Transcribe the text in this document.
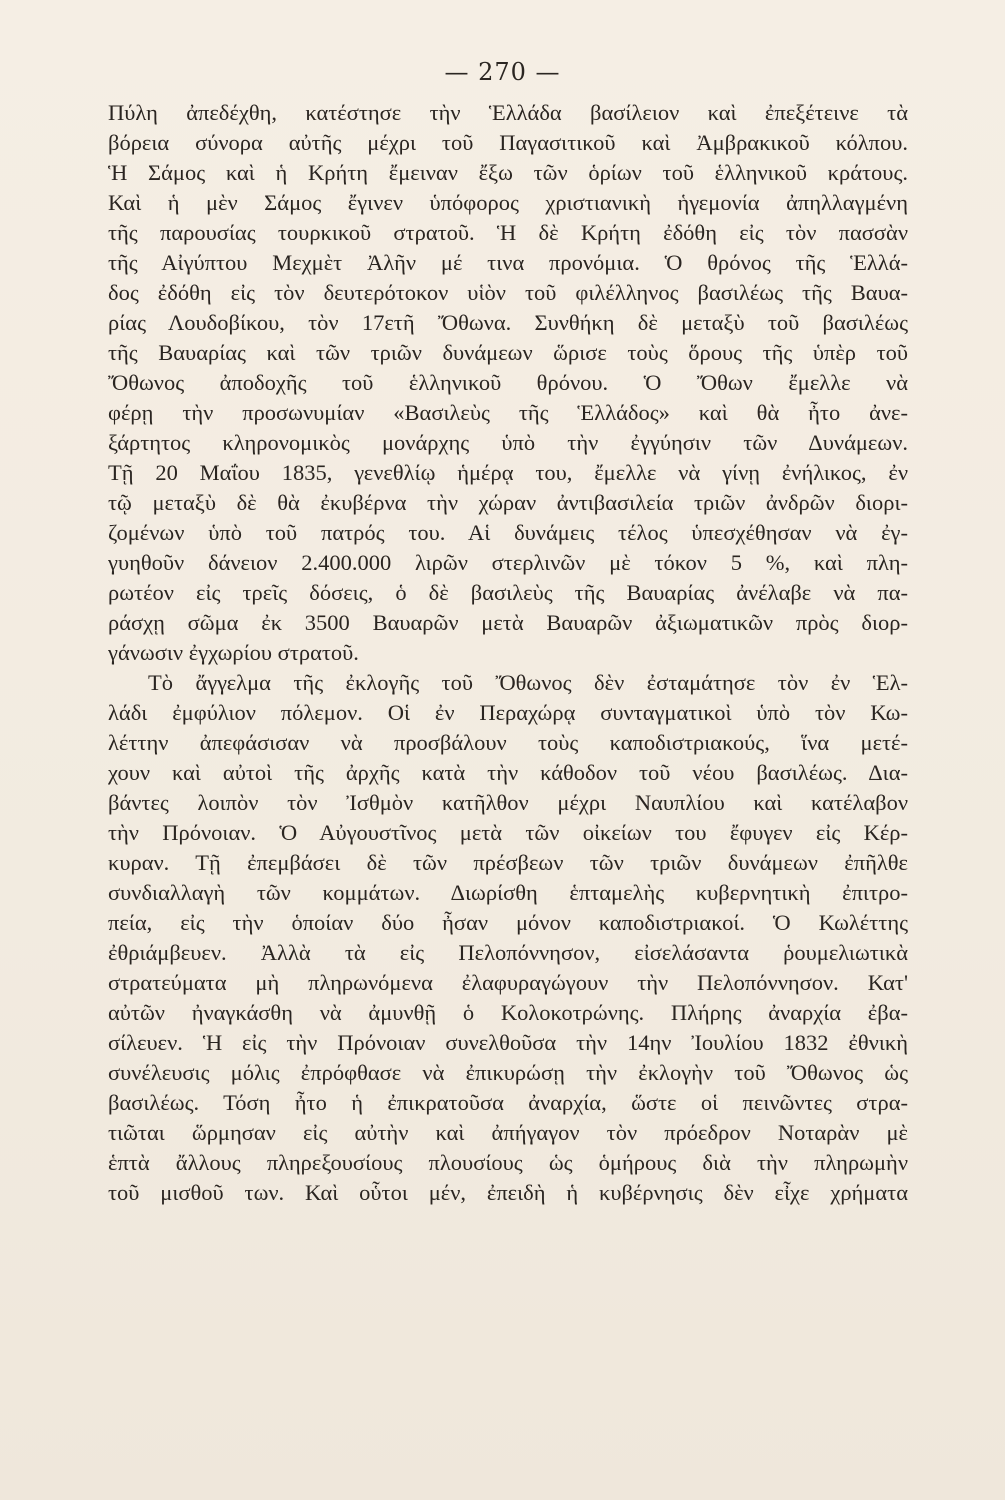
— 270 —
Πύλη ἀπεδέχθη, κατέστησε τὴν Ἑλλάδα βασίλειον καὶ ἐπεξέτεινε τὰ
βόρεια σύνορα αὐτῆς μέχρι τοῦ Παγασιτικοῦ καὶ Ἀμβρακικοῦ κόλπου.
Ἡ Σάμος καὶ ἡ Κρήτη ἔμειναν ἔξω τῶν ὁρίων τοῦ ἑλληνικοῦ κράτους.
Καὶ ἡ μὲν Σάμος ἔγινεν ὑπόφορος χριστιανικὴ ἡγεμονία ἀπηλλαγμένη
τῆς παρουσίας τουρκικοῦ στρατοῦ. Ἡ δὲ Κρήτη ἐδόθη εἰς τὸν πασσὰν
τῆς Αἰγύπτου Μεχμὲτ Ἀλῆν μέ τινα προνόμια. Ὁ θρόνος τῆς Ἑλλά-
δος ἐδόθη εἰς τὸν δευτερότοκον υἱὸν τοῦ φιλέλληνος βασιλέως τῆς Βαυα-
ρίας Λουδοβίκου, τὸν 17ετῆ Ὄθωνα. Συνθήκη δὲ μεταξὺ τοῦ βασιλέως
τῆς Βαυαρίας καὶ τῶν τριῶν δυνάμεων ὥρισε τοὺς ὅρους τῆς ὑπὲρ τοῦ
Ὄθωνος ἀποδοχῆς τοῦ ἑλληνικοῦ θρόνου. Ὁ Ὄθων ἔμελλε νὰ
φέρῃ τὴν προσωνυμίαν «Βασιλεὺς τῆς Ἑλλάδος» καὶ θὰ ἦτο ἀνε-
ξάρτητος κληρονομικὸς μονάρχης ὑπὸ τὴν ἐγγύησιν τῶν Δυνάμεων.
Τῇ 20 Μαΐου 1835, γενεθλίῳ ἡμέρᾳ του, ἔμελλε νὰ γίνῃ ἐνήλικος, ἐν
τῷ μεταξὺ δὲ θὰ ἐκυβέρνα τὴν χώραν ἀντιβασιλεία τριῶν ἀνδρῶν διορι-
ζομένων ὑπὸ τοῦ πατρός του. Αἱ δυνάμεις τέλος ὑπεσχέθησαν νὰ ἐγ-
γυηθοῦν δάνειον 2.400.000 λιρῶν στερλινῶν μὲ τόκον 5 %, καὶ πλη-
ρωτέον εἰς τρεῖς δόσεις, ὁ δὲ βασιλεὺς τῆς Βαυαρίας ἀνέλαβε νὰ πα-
ράσχῃ σῶμα ἐκ 3500 Βαυαρῶν μετὰ Βαυαρῶν ἀξιωματικῶν πρὸς διορ-
γάνωσιν ἐγχωρίου στρατοῦ.
Τὸ ἄγγελμα τῆς ἐκλογῆς τοῦ Ὄθωνος δὲν ἐσταμάτησε τὸν ἐν Ἑλ-
λάδι ἐμφύλιον πόλεμον. Οἱ ἐν Περαχώρᾳ συνταγματικοὶ ὑπὸ τὸν Κω-
λέττην ἀπεφάσισαν νὰ προσβάλουν τοὺς καποδιστριακούς, ἵνα μετέ-
χουν καὶ αὐτοὶ τῆς ἀρχῆς κατὰ τὴν κάθοδον τοῦ νέου βασιλέως. Δια-
βάντες λοιπὸν τὸν Ἰσθμὸν κατῆλθον μέχρι Ναυπλίου καὶ κατέλαβον
τὴν Πρόνοιαν. Ὁ Αὐγουστῖνος μετὰ τῶν οἰκείων του ἔφυγεν εἰς Κέρ-
κυραν. Τῇ ἐπεμβάσει δὲ τῶν πρέσβεων τῶν τριῶν δυνάμεων ἐπῆλθε
συνδιαλλαγὴ τῶν κομμάτων. Διωρίσθη ἑπταμελὴς κυβερνητικὴ ἐπιτρο-
πεία, εἰς τὴν ὁποίαν δύο ἦσαν μόνον καποδιστριακοί. Ὁ Κωλέττης
ἐθριάμβευεν. Ἀλλὰ τὰ εἰς Πελοπόννησον, εἰσελάσαντα ῥουμελιωτικὰ
στρατεύματα μὴ πληρωνόμενα ἐλαφυραγώγουν τὴν Πελοπόννησον. Κατ'
αὐτῶν ἠναγκάσθη νὰ ἀμυνθῇ ὁ Κολοκοτρώνης. Πλήρης ἀναρχία ἐβα-
σίλευεν. Ἡ εἰς τὴν Πρόνοιαν συνελθοῦσα τὴν 14ην Ἰουλίου 1832 ἐθνικὴ
συνέλευσις μόλις ἐπρόφθασε νὰ ἐπικυρώσῃ τὴν ἐκλογὴν τοῦ Ὄθωνος ὡς
βασιλέως. Τόση ἦτο ἡ ἐπικρατοῦσα ἀναρχία, ὥστε οἱ πεινῶντες στρα-
τιῶται ὥρμησαν εἰς αὐτὴν καὶ ἀπήγαγον τὸν πρόεδρον Νοταρὰν μὲ
ἑπτὰ ἄλλους πληρεξουσίους πλουσίους ὡς ὁμήρους διὰ τὴν πληρωμὴν
τοῦ μισθοῦ των. Καὶ οὗτοι μέν, ἐπειδὴ ἡ κυβέρνησις δὲν εἶχε χρήματα
